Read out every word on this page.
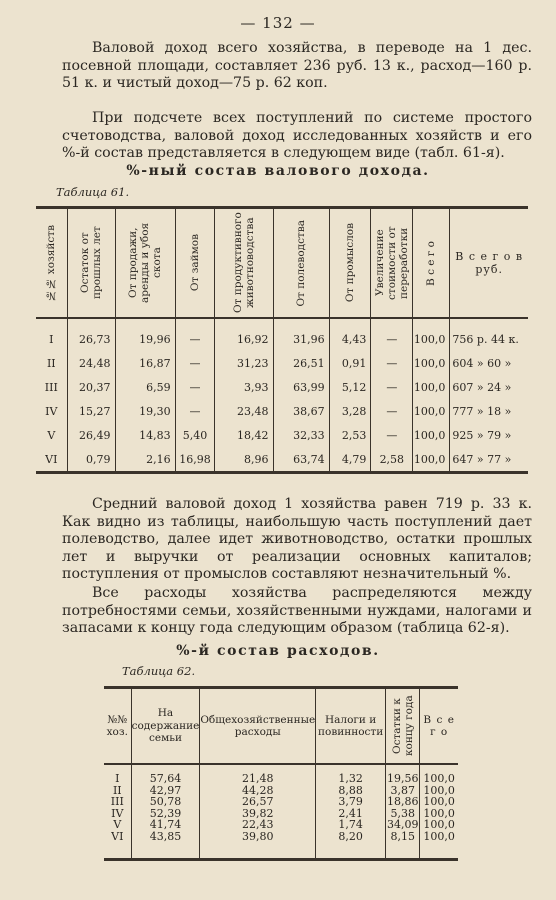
— 132 —
Валовой доход всего хозяйства, в переводе на 1 дес. посевной площади, составляет 236 руб. 13 к., расход—160 р. 51 к. и чистый доход—75 р. 62 коп.
При подсчете всех поступлений по системе простого счетоводства, валовой доход исследованных хозяйств и его %-й состав представляется в следующем виде (табл. 61-я).
%-ный состав валового дохода.
Таблица 61.
№№ хозяйств	Остаток от прошлых лет	От продажи, аренды и убоя скота	От займов	От продуктивного животноводства	От полеводства	От промыслов	Увеличение стоимости от переработки	В с е г о	В с е г о в руб.
I	26,73	19,96	—	16,92	31,96	4,43	—	100,0	756 р. 44 к.
II	24,48	16,87	—	31,23	26,51	0,91	—	100,0	604 » 60 »
III	20,37	6,59	—	3,93	63,99	5,12	—	100,0	607 » 24 »
IV	15,27	19,30	—	23,48	38,67	3,28	—	100,0	777 » 18 »
V	26,49	14,83	5,40	18,42	32,33	2,53	—	100,0	925 » 79 »
VI	0,79	2,16	16,98	8,96	63,74	4,79	2,58	100,0	647 » 77 »
Средний валовой доход 1 хозяйства равен 719 р. 33 к. Как видно из таблицы, наибольшую часть поступлений дает полеводство, далее идет животноводство, остатки прошлых лет и выручки от реализации основных капиталов; поступления от промыслов составляют незначительный %.
Все расходы хозяйства распределяются между потребностями семьи, хозяйственными нуждами, налогами и запасами к концу года следующим образом (таблица 62-я).
%-й состав расходов.
Таблица 62.
№№ хоз.	На содержание семьи	Общехозяйственные расходы	Налоги и повинности	Остатки к концу года	В с е г о
I	57,64	21,48	1,32	19,56	100,0
II	42,97	44,28	8,88	3,87	100,0
III	50,78	26,57	3,79	18,86	100,0
IV	52,39	39,82	2,41	5,38	100,0
V	41,74	22,43	1,74	34,09	100,0
VI	43,85	39,80	8,20	8,15	100,0
